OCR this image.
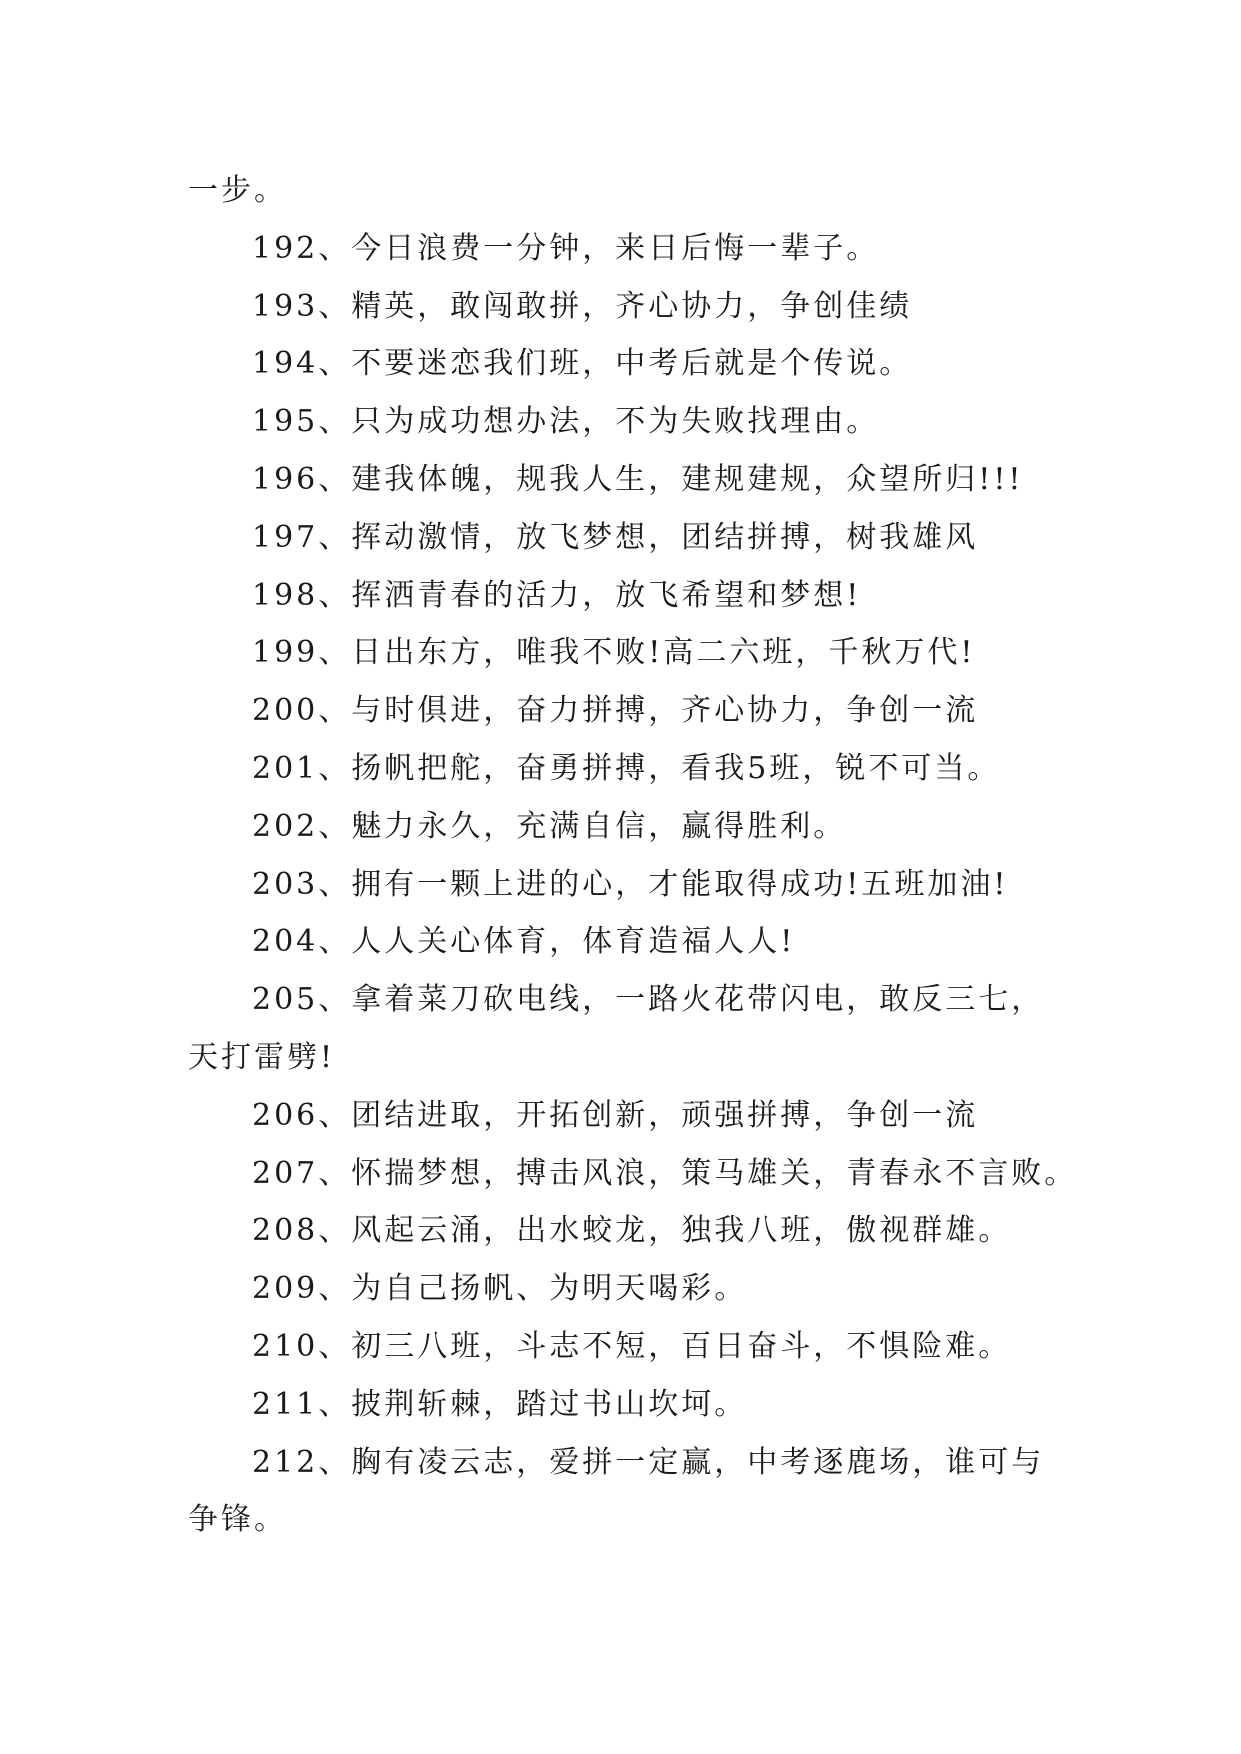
一步。
192、今日浪费一分钟，来日后悔一辈子。
193、精英，敢闯敢拼，齐心协力，争创佳绩
194、不要迷恋我们班，中考后就是个传说。
195、只为成功想办法，不为失败找理由。
196、建我体魄，规我人生，建规建规，众望所归!!!
197、挥动激情，放飞梦想，团结拼搏，树我雄风
198、挥洒青春的活力，放飞希望和梦想!
199、日出东方，唯我不败!高二六班，千秋万代!
200、与时俱进，奋力拼搏，齐心协力，争创一流
201、扬帆把舵，奋勇拼搏，看我5班，锐不可当。
202、魅力永久，充满自信，赢得胜利。
203、拥有一颗上进的心，才能取得成功!五班加油!
204、人人关心体育，体育造福人人!
205、拿着菜刀砍电线，一路火花带闪电，敢反三七，
天打雷劈!
206、团结进取，开拓创新，顽强拼搏，争创一流
207、怀揣梦想，搏击风浪，策马雄关，青春永不言败。
208、风起云涌，出水蛟龙，独我八班，傲视群雄。
209、为自己扬帆、为明天喝彩。
210、初三八班，斗志不短，百日奋斗，不惧险难。
211、披荆斩棘，踏过书山坎坷。
212、胸有凌云志，爱拼一定赢，中考逐鹿场，谁可与
争锋。
